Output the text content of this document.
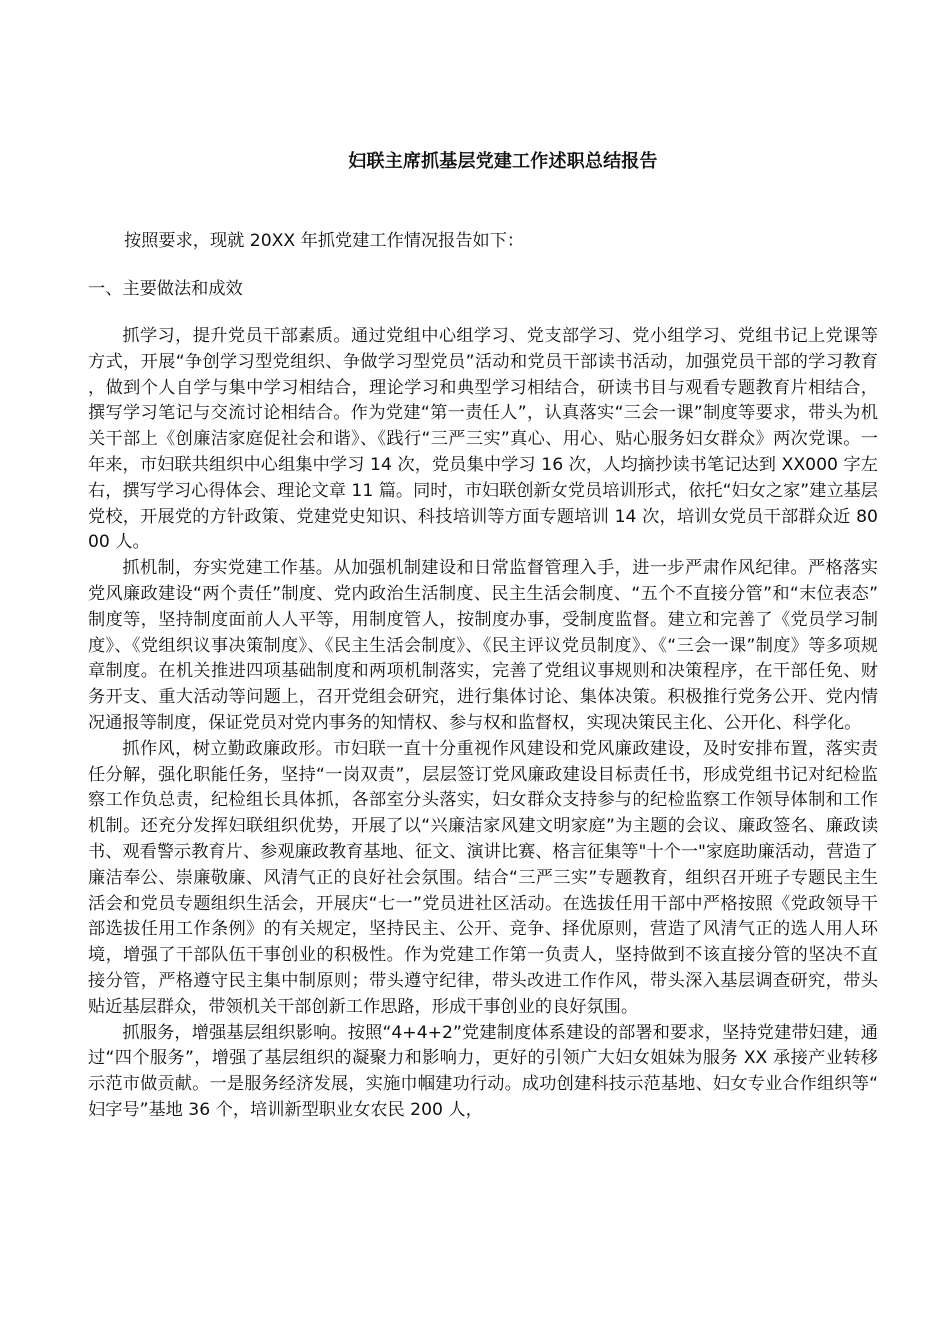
妇联主席抓基层党建工作述职总结报告
按照要求，现就 20XX 年抓党建工作情况报告如下：
一、主要做法和成效

抓学习，提升党员干部素质。通过党组中心组学习、党支部学习、党小组学习、党组书记上党课等方式，开展“争创学习型党组织、争做学习型党员”活动和党员干部读书活动，加强党员干部的学习教育，做到个人自学与集中学习相结合，理论学习和典型学习相结合，研读书目与观看专题教育片相结合，撰写学习笔记与交流讨论相结合。作为党建“第一责任人”，认真落实“三会一课”制度等要求，带头为机关干部上《创廉洁家庭促社会和谐》、《践行“三严三实”真心、用心、贴心服务妇女群众》两次党课。一年来，市妇联共组织中心组集中学习 14 次，党员集中学习 16 次，人均摘抄读书笔记达到 XX000 字左右，撰写学习心得体会、理论文章 11 篇。同时，市妇联创新女党员培训形式，依托“妇女之家”建立基层党校，开展党的方针政策、党建党史知识、科技培训等方面专题培训 14 次，培训女党员干部群众近 8000 人。

抓机制，夯实党建工作基。从加强机制建设和日常监督管理入手，进一步严肃作风纪律。严格落实党风廉政建设“两个责任”制度、党内政治生活制度、民主生活会制度、“五个不直接分管”和“末位表态”制度等，坚持制度面前人人平等，用制度管人，按制度办事，受制度监督。建立和完善了《党员学习制度》、《党组织议事决策制度》、《民主生活会制度》、《民主评议党员制度》、《“三会一课”制度》等多项规章制度。在机关推进四项基础制度和两项机制落实，完善了党组议事规则和决策程序，在干部任免、财务开支、重大活动等问题上，召开党组会研究，进行集体讨论、集体决策。积极推行党务公开、党内情况通报等制度，保证党员对党内事务的知情权、参与权和监督权，实现决策民主化、公开化、科学化。

抓作风，树立勤政廉政形。市妇联一直十分重视作风建设和党风廉政建设，及时安排布置，落实责任分解，强化职能任务，坚持“一岗双责”，层层签订党风廉政建设目标责任书，形成党组书记对纪检监察工作负总责，纪检组长具体抓，各部室分头落实，妇女群众支持参与的纪检监察工作领导体制和工作机制。还充分发挥妇联组织优势，开展了以“兴廉洁家风建文明家庭”为主题的会议、廉政签名、廉政读书、观看警示教育片、参观廉政教育基地、征文、演讲比赛、格言征集等"十个一"家庭助廉活动，营造了廉洁奉公、崇廉敬廉、风清气正的良好社会氛围。结合“三严三实”专题教育，组织召开班子专题民主生活会和党员专题组织生活会，开展庆“七一”党员进社区活动。在选拔任用干部中严格按照《党政领导干部选拔任用工作条例》的有关规定，坚持民主、公开、竞争、择优原则，营造了风清气正的选人用人环境，增强了干部队伍干事创业的积极性。作为党建工作第一负责人，坚持做到不该直接分管的坚决不直接分管，严格遵守民主集中制原则；带头遵守纪律，带头改进工作作风，带头深入基层调查研究，带头贴近基层群众，带领机关干部创新工作思路，形成干事创业的良好氛围。

抓服务，增强基层组织影响。按照“4+4+2”党建制度体系建设的部署和要求，坚持党建带妇建，通过“四个服务”，增强了基层组织的凝聚力和影响力，更好的引领广大妇女姐妹为服务 XX 承接产业转移示范市做贡献。一是服务经济发展，实施巾帼建功行动。成功创建科技示范基地、妇女专业合作组织等“妇字号”基地 36 个，培训新型职业女农民 200 人，
